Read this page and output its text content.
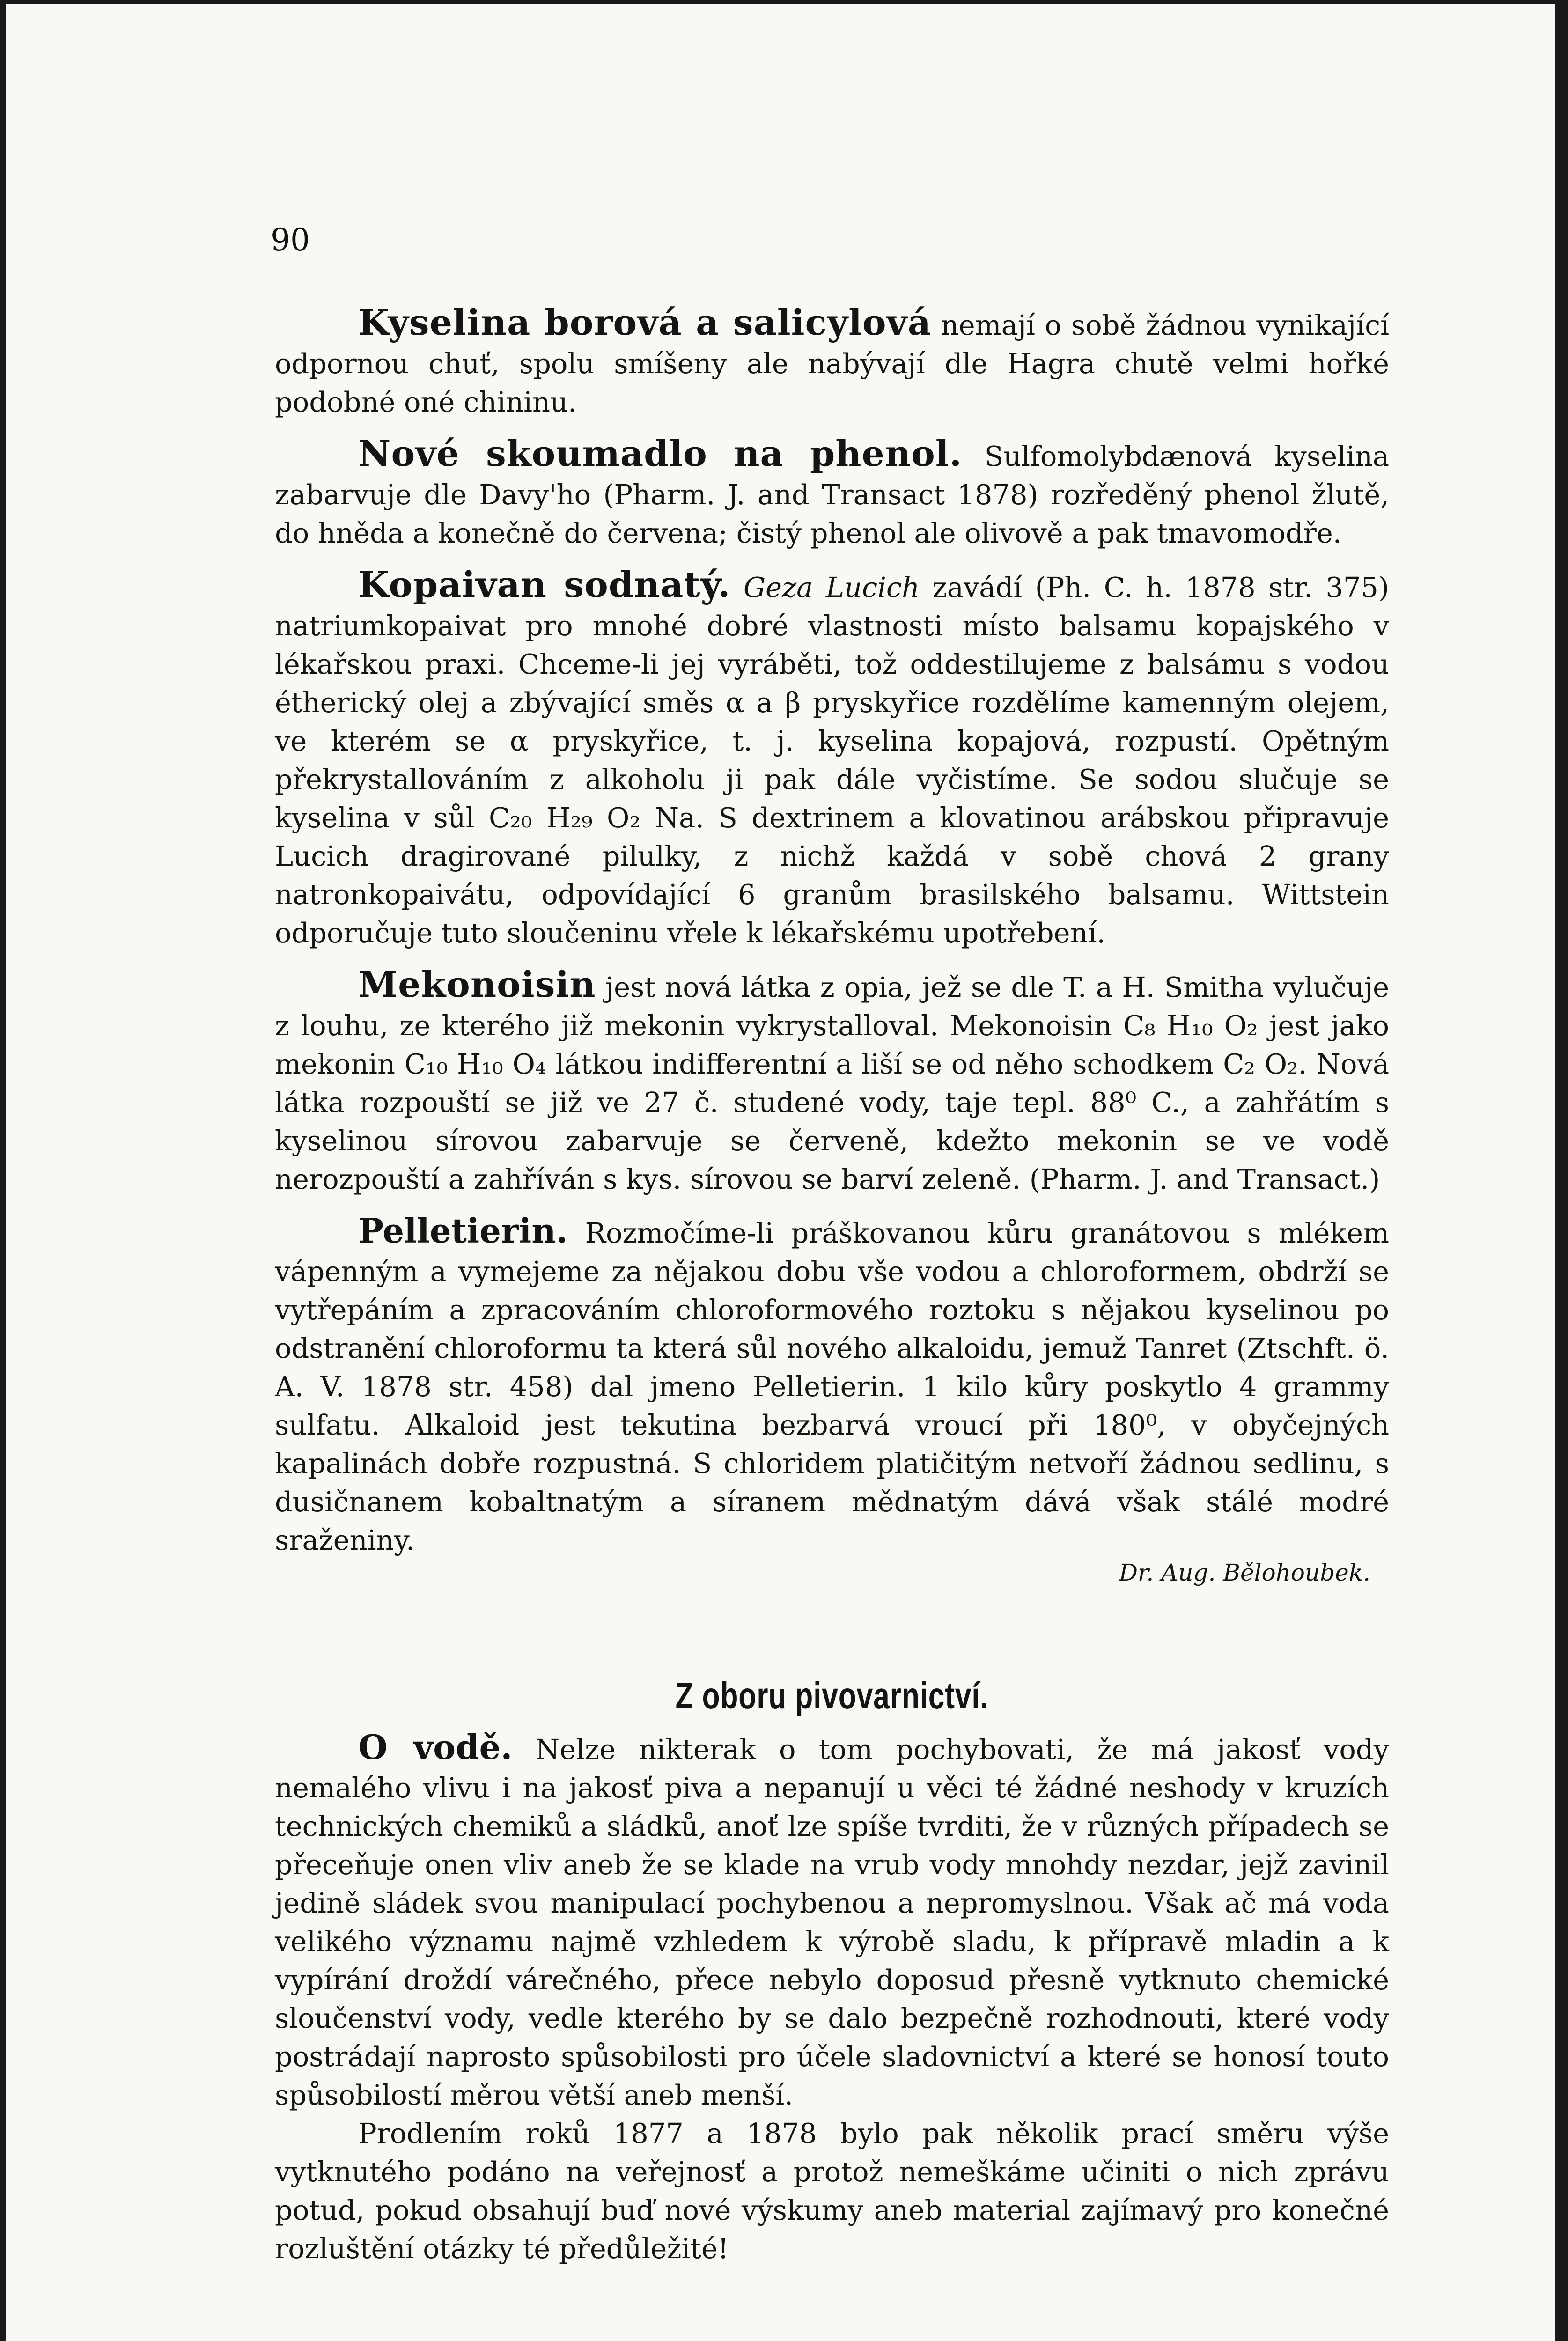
90

Kyselina borová a salicylová nemají o sobě žádnou vynikající odpornou chuť, spolu smíšeny ale nabývají dle Hagra chutě velmi hořké podobné oné chininu.

Nové skoumadlo na phenol. Sulfomolybdænová kyselina zabarvuje dle Davy'ho (Pharm. J. and Transact 1878) rozředěný phenol žlutě, do hněda a konečně do červena; čistý phenol ale olivově a pak tmavomodře.

Kopaivan sodnatý. Geza Lucich zavádí (Ph. C. h. 1878 str. 375) natriumkopaivat pro mnohé dobré vlastnosti místo balsamu kopajského v lékařskou praxi. Chceme-li jej vyráběti, tož oddestilujeme z balsámu s vodou étherický olej a zbývající směs α a β pryskyřice rozdělíme kamenným olejem, ve kterém se α pryskyřice, t. j. kyselina kopajová, rozpustí. Opětným překrystallováním z alkoholu ji pak dále vyčistíme. Se sodou slučuje se kyselina v sůl C₂₀ H₂₉ O₂ Na. S dextrinem a klovatinou arábskou připravuje Lucich dragirované pilulky, z nichž každá v sobě chová 2 grany natronkopaivátu, odpovídající 6 granům brasilského balsamu. Wittstein odporučuje tuto sloučeninu vřele k lékařskému upotřebení.

Mekonoisin jest nová látka z opia, jež se dle T. a H. Smitha vylučuje z louhu, ze kterého již mekonin vykrystalloval. Mekonoisin C₈ H₁₀ O₂ jest jako mekonin C₁₀ H₁₀ O₄ látkou indifferentní a liší se od něho schodkem C₂ O₂. Nová látka rozpouští se již ve 27 č. studené vody, taje tepl. 88⁰ C., a zahřátím s kyselinou sírovou zabarvuje se červeně, kdežto mekonin se ve vodě nerozpouští a zahříván s kys. sírovou se barví zeleně. (Pharm. J. and Transact.)

Pelletierin. Rozmočíme-li práškovanou kůru granátovou s mlékem vápenným a vymejeme za nějakou dobu vše vodou a chloroformem, obdrží se vytřepáním a zpracováním chloroformového roztoku s nějakou kyselinou po odstranění chloroformu ta která sůl nového alkaloidu, jemuž Tanret (Ztschft. ö. A. V. 1878 str. 458) dal jmeno Pelletierin. 1 kilo kůry poskytlo 4 grammy sulfatu. Alkaloid jest tekutina bezbarvá vroucí při 180⁰, v obyčejných kapalinách dobře rozpustná. S chloridem platičitým netvoří žádnou sedlinu, s dusičnanem kobaltnatým a síranem mědnatým dává však stálé modré sraženiny.

Dr. Aug. Bělohoubek.

Z oboru pivovarnictví.

O vodě. Nelze nikterak o tom pochybovati, že má jakosť vody nemalého vlivu i na jakosť piva a nepanují u věci té žádné neshody v kruzích technických chemiků a sládků, anoť lze spíše tvrditi, že v různých případech se přeceňuje onen vliv aneb že se klade na vrub vody mnohdy nezdar, jejž zavinil jedině sládek svou manipulací pochybenou a nepromyslnou. Však ač má voda velikého významu najmě vzhledem k výrobě sladu, k přípravě mladin a k vypírání droždí várečného, přece nebylo doposud přesně vytknuto chemické sloučenství vody, vedle kterého by se dalo bezpečně rozhodnouti, které vody postrádají naprosto spůsobilosti pro účele sladovnictví a které se honosí touto spůsobilostí měrou větší aneb menší.

Prodlením roků 1877 a 1878 bylo pak několik prací směru výše vytknutého podáno na veřejnosť a protož nemeškáme učiniti o nich zprávu potud, pokud obsahují buď nové výskumy aneb material zajímavý pro konečné rozluštění otázky té předůležité!
